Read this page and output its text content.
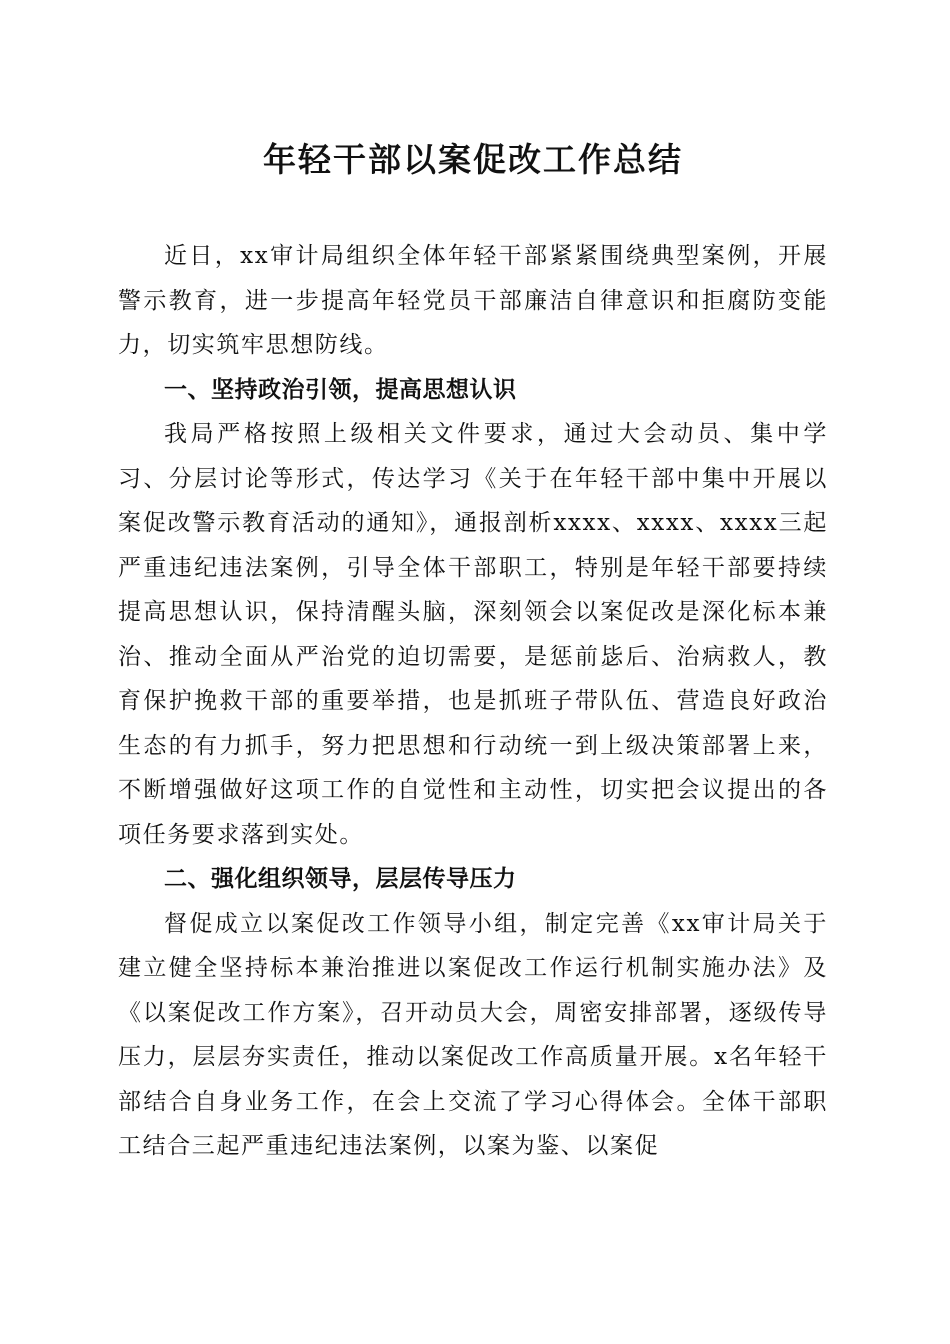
年轻干部以案促改工作总结

近日，xx审计局组织全体年轻干部紧紧围绕典型案例，开展警示教育，进一步提高年轻党员干部廉洁自律意识和拒腐防变能力，切实筑牢思想防线。

一、坚持政治引领，提高思想认识

我局严格按照上级相关文件要求，通过大会动员、集中学习、分层讨论等形式，传达学习《关于在年轻干部中集中开展以案促改警示教育活动的通知》，通报剖析xxxx、xxxx、xxxx三起严重违纪违法案例，引导全体干部职工，特别是年轻干部要持续提高思想认识，保持清醒头脑，深刻领会以案促改是深化标本兼治、推动全面从严治党的迫切需要，是惩前毖后、治病救人，教育保护挽救干部的重要举措，也是抓班子带队伍、营造良好政治生态的有力抓手，努力把思想和行动统一到上级决策部署上来，不断增强做好这项工作的自觉性和主动性，切实把会议提出的各项任务要求落到实处。

二、强化组织领导，层层传导压力

督促成立以案促改工作领导小组，制定完善《xx审计局关于建立健全坚持标本兼治推进以案促改工作运行机制实施办法》及《以案促改工作方案》，召开动员大会，周密安排部署，逐级传导压力，层层夯实责任，推动以案促改工作高质量开展。x名年轻干部结合自身业务工作，在会上交流了学习心得体会。全体干部职工结合三起严重违纪违法案例，以案为鉴、以案促
